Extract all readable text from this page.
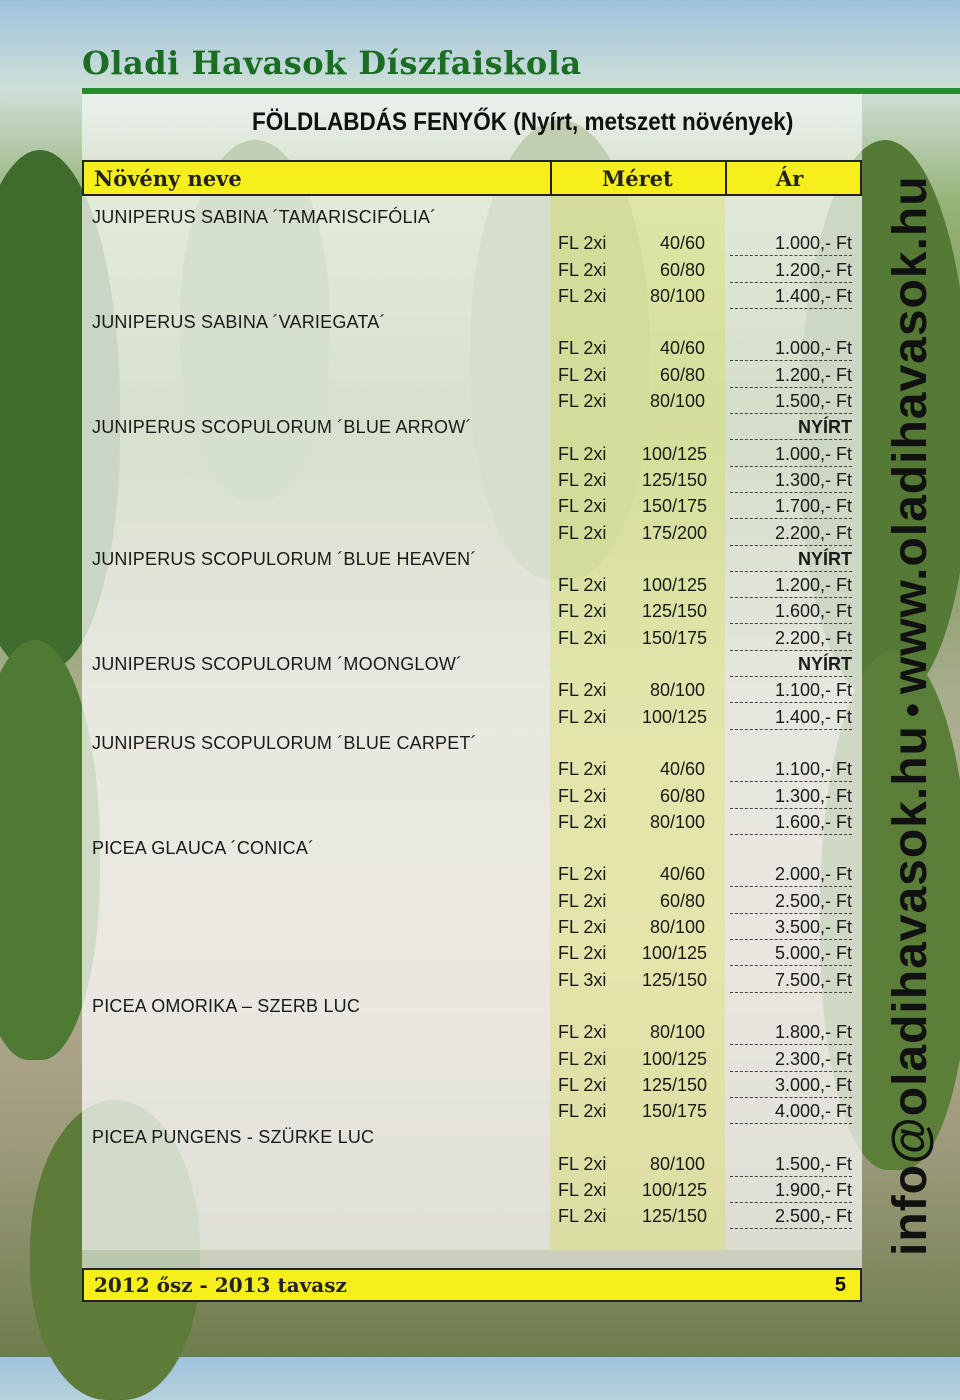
Oladi Havasok Díszfaiskola
FÖLDLABDÁS FENYŐK (Nyírt, metszett növények)
Növény neve	Méret	Ár
JUNIPERUS SABINA ´TAMARISCIFÓLIA´
FL 2xi	40/60	1.000,- Ft
FL 2xi	60/80	1.200,- Ft
FL 2xi	80/100	1.400,- Ft
JUNIPERUS SABINA ´VARIEGATA´
FL 2xi	40/60	1.000,- Ft
FL 2xi	60/80	1.200,- Ft
FL 2xi	80/100	1.500,- Ft
JUNIPERUS SCOPULORUM ´BLUE ARROW´	NYÍRT
FL 2xi 100/125	1.000,- Ft
FL 2xi 125/150	1.300,- Ft
FL 2xi 150/175	1.700,- Ft
FL 2xi 175/200	2.200,- Ft
JUNIPERUS SCOPULORUM ´BLUE HEAVEN´	NYÍRT
FL 2xi 100/125	1.200,- Ft
FL 2xi 125/150	1.600,- Ft
FL 2xi 150/175	2.200,- Ft
JUNIPERUS SCOPULORUM ´MOONGLOW´	NYÍRT
FL 2xi	80/100	1.100,- Ft
FL 2xi 100/125	1.400,- Ft
JUNIPERUS SCOPULORUM ´BLUE CARPET´
FL 2xi	40/60	1.100,- Ft
FL 2xi	60/80	1.300,- Ft
FL 2xi	80/100	1.600,- Ft
PICEA GLAUCA ´CONICA´
FL 2xi	40/60	2.000,- Ft
FL 2xi	60/80	2.500,- Ft
FL 2xi	80/100	3.500,- Ft
FL 2xi 100/125	5.000,- Ft
FL 3xi 125/150	7.500,- Ft
PICEA OMORIKA – SZERB LUC
FL 2xi	80/100	1.800,- Ft
FL 2xi 100/125	2.300,- Ft
FL 2xi 125/150	3.000,- Ft
FL 2xi 150/175	4.000,- Ft
PICEA PUNGENS - SZÜRKE LUC
FL 2xi	80/100	1.500,- Ft
FL 2xi 100/125	1.900,- Ft
FL 2xi 125/150	2.500,- Ft
2012 ősz - 2013 tavasz	5
info@oladihavasok.hu•www.oladihavasok.hu
